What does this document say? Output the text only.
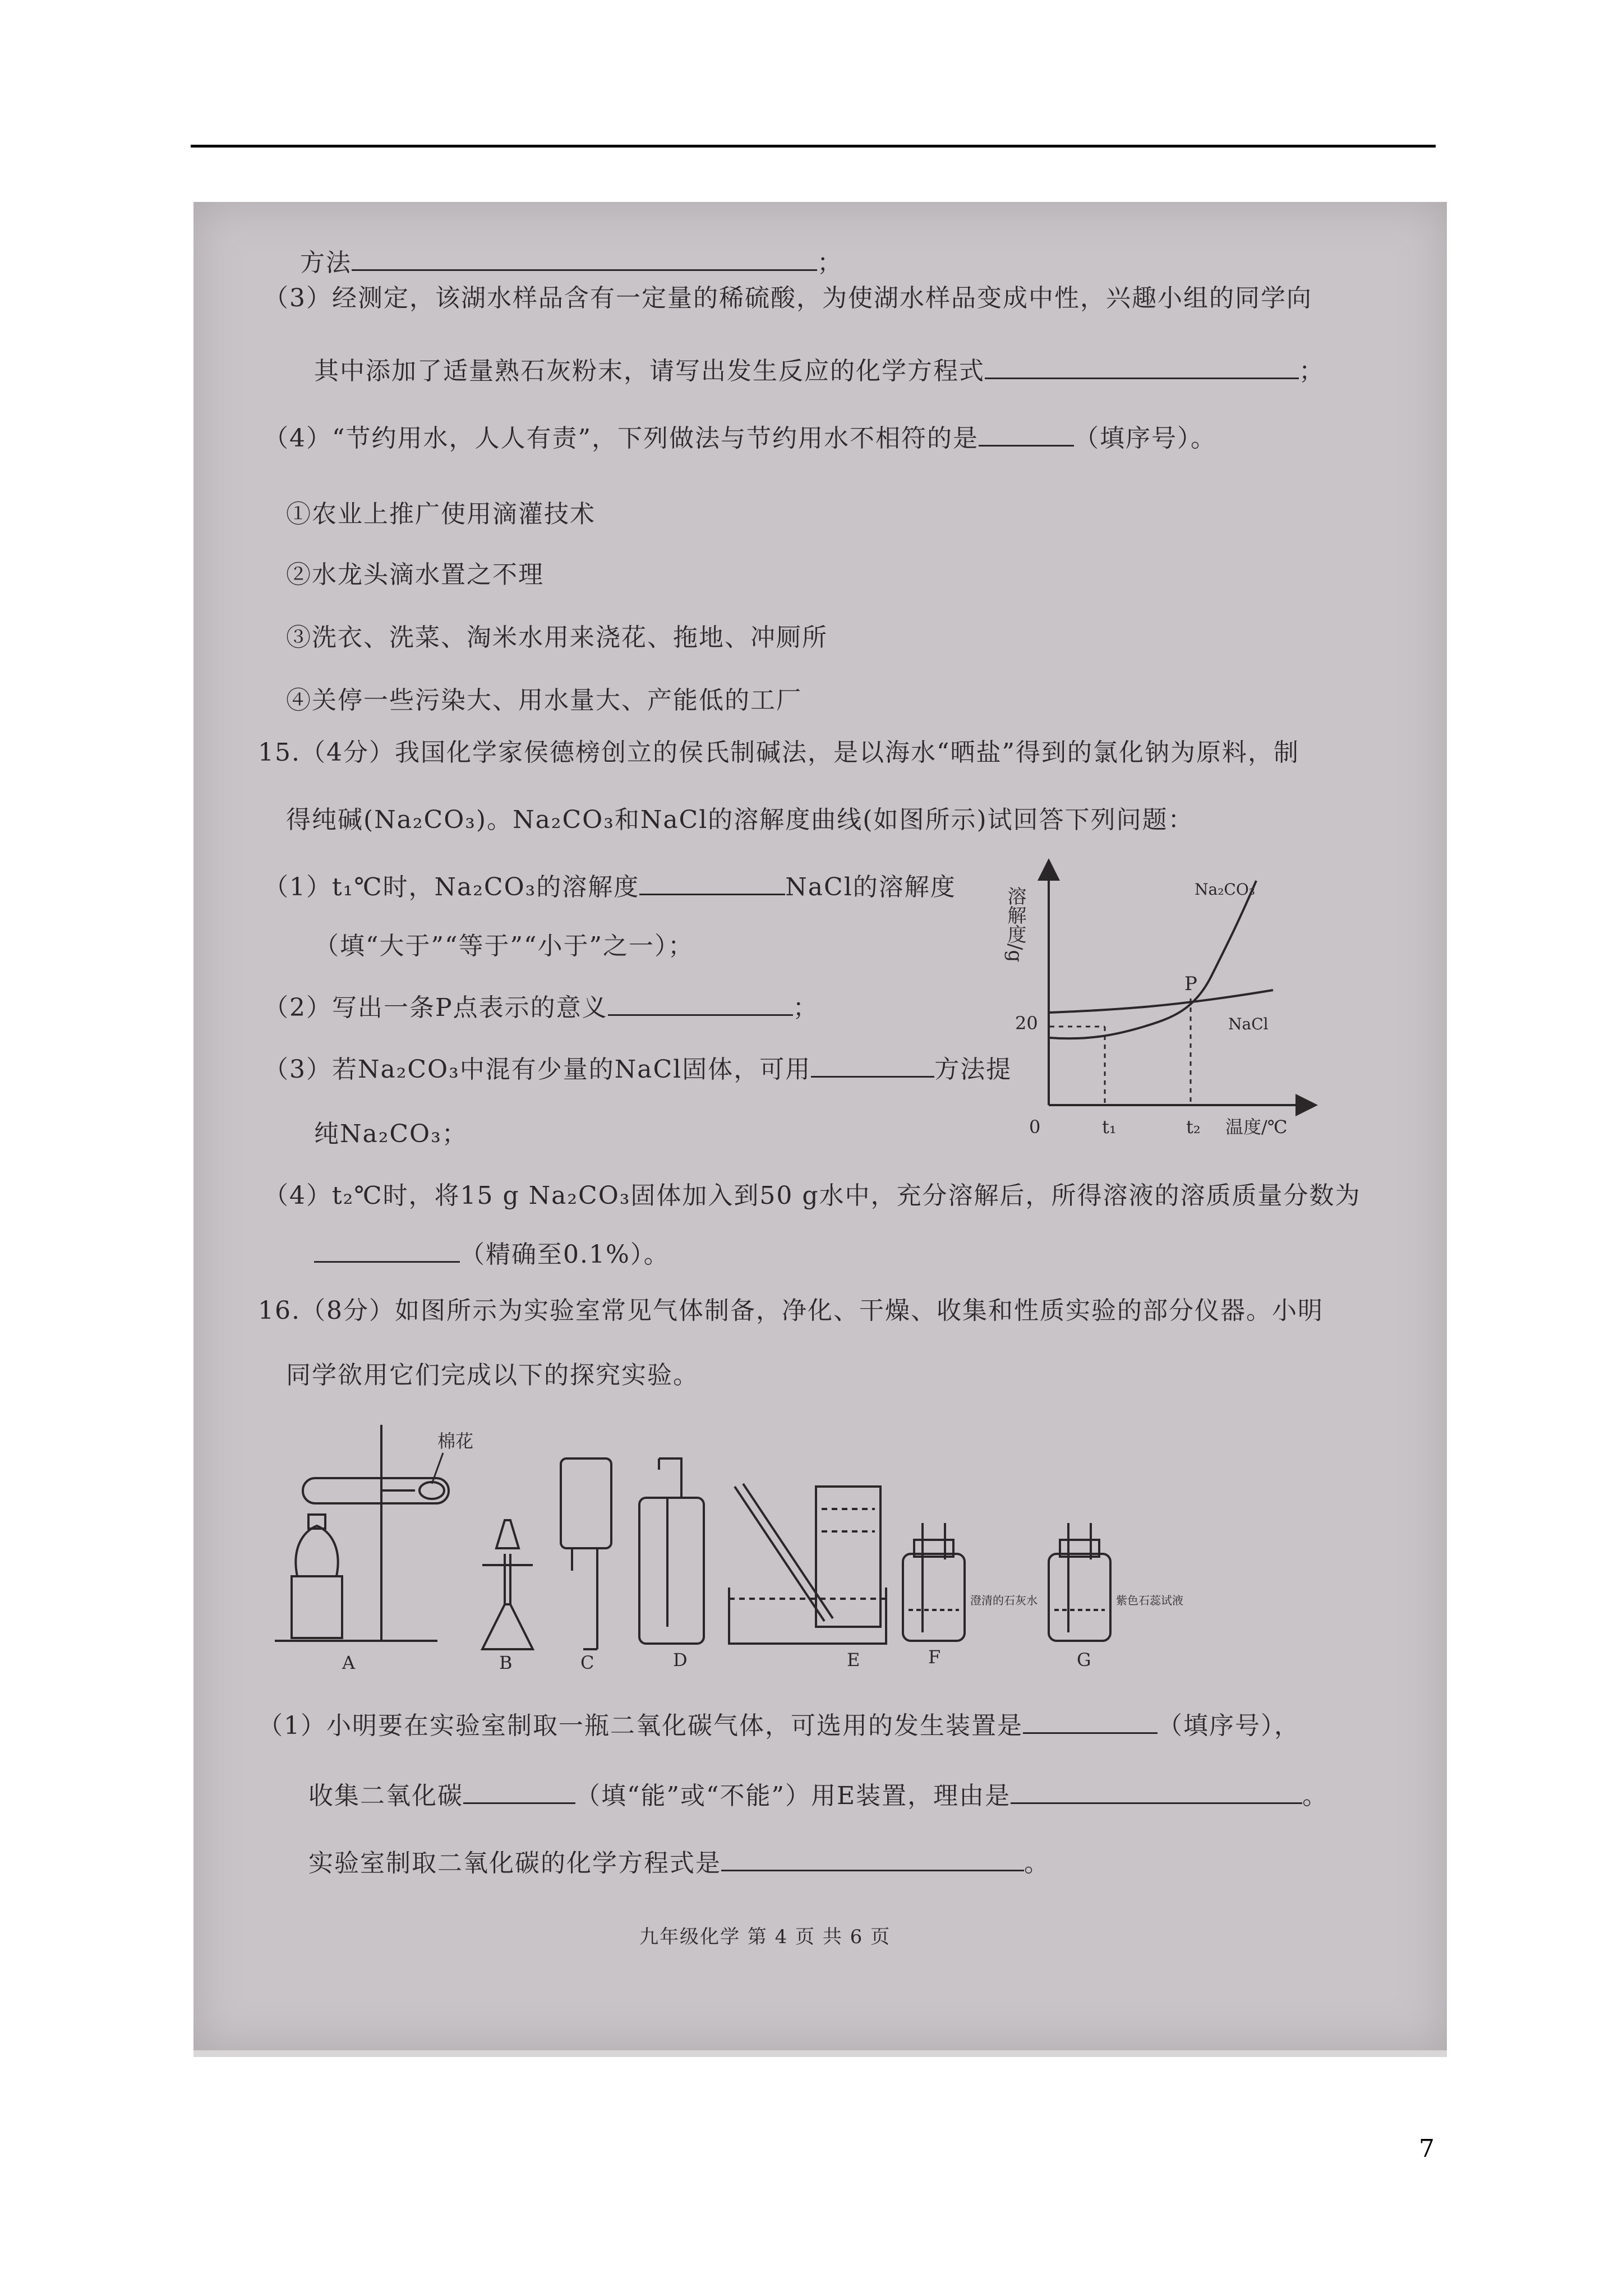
方法	；
（3）经测定，该湖水样品含有一定量的稀硫酸，为使湖水样品变成中性，兴趣小组的同学向
其中添加了适量熟石灰粉末，请写出发生反应的化学方程式	；
（4）“节约用水，人人有责”，下列做法与节约用水不相符的是	（填序号）。
①农业上推广使用滴灌技术
②水龙头滴水置之不理
③洗衣、洗菜、淘米水用来浇花、拖地、冲厕所
④关停一些污染大、用水量大、产能低的工厂
15.（4分）我国化学家侯德榜创立的侯氏制碱法，是以海水“晒盐”得到的氯化钠为原料，制
得纯碱(Na₂CO₃)。Na₂CO₃和NaCl的溶解度曲线(如图所示)试回答下列问题：
（1）t₁℃时，Na₂CO₃的溶解度	NaCl的溶解度
（填“大于”“等于”“小于”之一）；
（2）写出一条P点表示的意义	；
（3）若Na₂CO₃中混有少量的NaCl固体，可用	方法提
纯Na₂CO₃；
（4）t₂℃时，将15 g Na₂CO₃固体加入到50 g水中，充分溶解后，所得溶液的溶质质量分数为
（精确至0.1%）。
溶解度/g
0
20
t₁	t₂ 温度/℃
P
Na₂CO₃
NaCl
16.（8分）如图所示为实验室常见气体制备，净化、干燥、收集和性质实验的部分仪器。小明
同学欲用它们完成以下的探究实验。
棉花
澄清的石灰水	紫色石蕊试液
A	B	C	D	E	F	G
（1）小明要在实验室制取一瓶二氧化碳气体，可选用的发生装置是	（填序号），
收集二氧化碳	（填“能”或“不能”）用E装置，理由是	。
实验室制取二氧化碳的化学方程式是	。
九年级化学 第 4 页 共 6 页
7
